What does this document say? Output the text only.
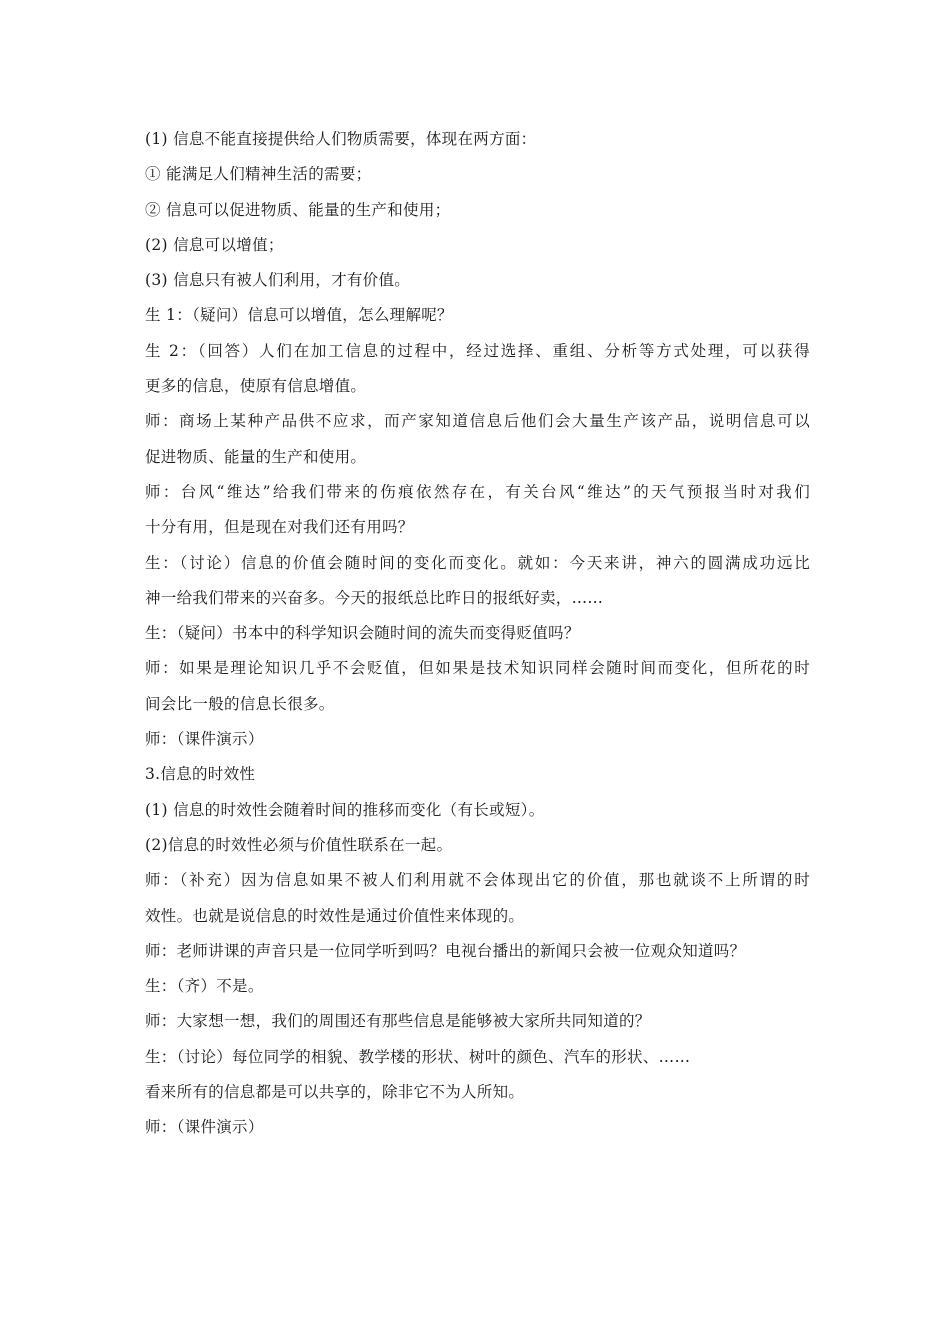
(1) 信息不能直接提供给人们物质需要，体现在两方面：
① 能满足人们精神生活的需要；
② 信息可以促进物质、能量的生产和使用；
(2) 信息可以增值；
(3) 信息只有被人们利用，才有价值。
生 1：（疑问）信息可以增值，怎么理解呢？
生 2：（回答）人们在加工信息的过程中，经过选择、重组、分析等方式处理，可以获得
更多的信息，使原有信息增值。
师：商场上某种产品供不应求，而产家知道信息后他们会大量生产该产品，说明信息可以
促进物质、能量的生产和使用。
师：台风“维达”给我们带来的伤痕依然存在，有关台风“维达”的天气预报当时对我们
十分有用，但是现在对我们还有用吗？
生：（讨论）信息的价值会随时间的变化而变化。就如：今天来讲，神六的圆满成功远比
神一给我们带来的兴奋多。今天的报纸总比昨日的报纸好卖，……
生：（疑问）书本中的科学知识会随时间的流失而变得贬值吗？
师：如果是理论知识几乎不会贬值，但如果是技术知识同样会随时间而变化，但所花的时
间会比一般的信息长很多。
师：（课件演示）
3.信息的时效性
(1) 信息的时效性会随着时间的推移而变化（有长或短）。
(2)信息的时效性必须与价值性联系在一起。
师：（补充）因为信息如果不被人们利用就不会体现出它的价值，那也就谈不上所谓的时
效性。也就是说信息的时效性是通过价值性来体现的。
师：老师讲课的声音只是一位同学听到吗？电视台播出的新闻只会被一位观众知道吗？
生：（齐）不是。
师：大家想一想，我们的周围还有那些信息是能够被大家所共同知道的？
生：（讨论）每位同学的相貌、教学楼的形状、树叶的颜色、汽车的形状、……
看来所有的信息都是可以共享的，除非它不为人所知。
师：（课件演示）
